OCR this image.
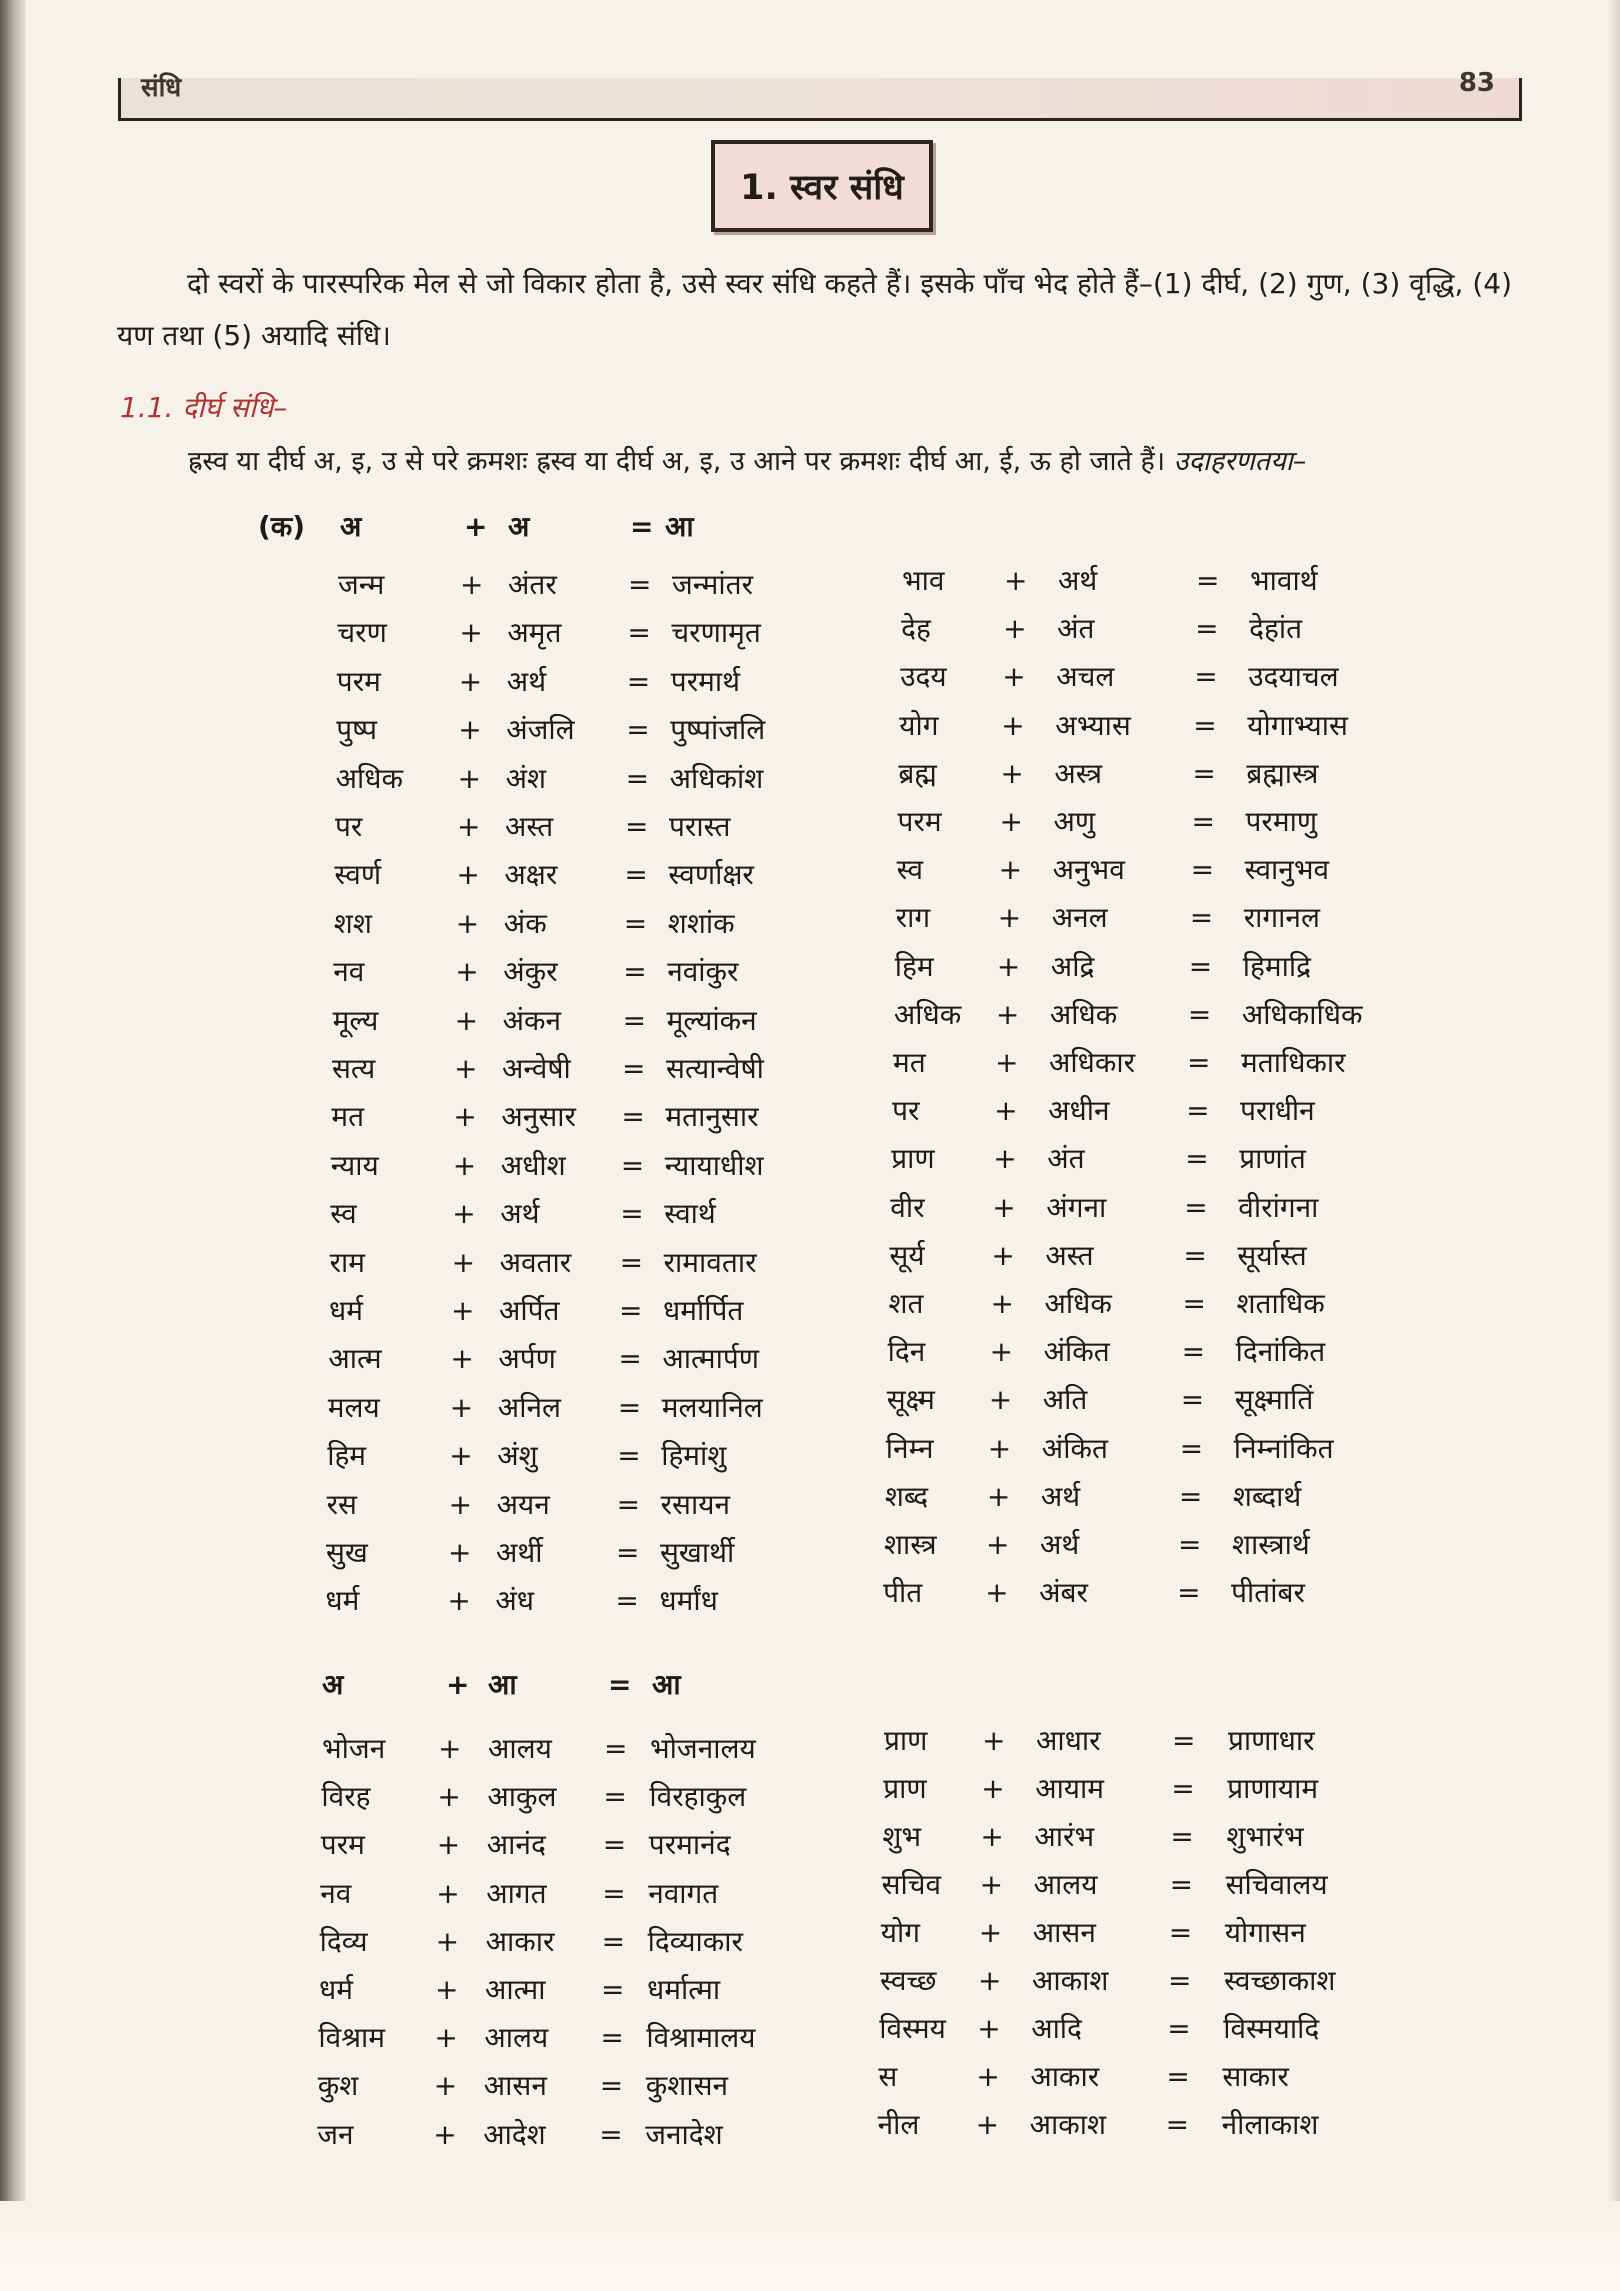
संधि	83
1. स्वर संधि
दो स्वरों के पारस्परिक मेल से जो विकार होता है, उसे स्वर संधि कहते हैं। इसके पाँच भेद होते हैं–(1) दीर्घ, (2) गुण, (3) वृद्धि, (4) यण तथा (5) अयादि संधि।
1.1. दीर्घ संधि–
ह्रस्व या दीर्घ अ, इ, उ से परे क्रमशः ह्रस्व या दीर्घ अ, इ, उ आने पर क्रमशः दीर्घ आ, ई, ऊ हो जाते हैं। उदाहरणतया–
(क) अ	+ अ	= आ
जन्म	+ अंतर	= जन्मांतर
चरण	+ अमृत = चरणामृत
परम	+ अर्थ	= परमार्थ
पुष्प	+ अंजलि = पुष्पांजलि
अधिक + अंश	= अधिकांश
पर	+ अस्त	= परास्त
स्वर्ण	+ अक्षर = स्वर्णाक्षर
शश	+ अंक	= शशांक
नव	+ अंकुर = नवांकुर
मूल्य	+ अंकन = मूल्यांकन
सत्य	+ अन्वेषी = सत्यान्वेषी
मत	+ अनुसार = मतानुसार
न्याय	+ अधीश = न्यायाधीश
स्व	+ अर्थ	= स्वार्थ
राम	+ अवतार = रामावतार
धर्म	+ अर्पित = धर्मार्पित
आत्म + अर्पण = आत्मार्पण
मलय	+ अनिल = मलयानिल
हिम	+ अंशु	= हिमांशु
रस	+ अयन = रसायन
सुख	+ अर्थी	= सुखार्थी
धर्म	+ अंध	= धर्मांध
भाव + अर्थ	= भावार्थ
देह	+ अंत	= देहांत
उदय + अचल	= उदयाचल
योग + अभ्यास = योगाभ्यास
ब्रह्म + अस्त्र	= ब्रह्मास्त्र
परम + अणु	= परमाणु
स्व	+ अनुभव = स्वानुभव
राग + अनल	= रागानल
हिम + अद्रि	= हिमाद्रि
अधिक + अधिक	= अधिकाधिक
मत + अधिकार = मताधिकार
पर	+ अधीन	= पराधीन
प्राण + अंत	= प्राणांत
वीर + अंगना	= वीरांगना
सूर्य + अस्त	= सूर्यास्त
शत + अधिक	= शताधिक
दिन + अंकित	= दिनांकित
सूक्ष्म + अति	= सूक्ष्मातिं
निम्न + अंकित	= निम्नांकित
शब्द + अर्थ	= शब्दार्थ
शास्त्र + अर्थ	= शास्त्रार्थ
पीत + अंबर	= पीतांबर
अ	+ आ	= आ
भोजन + आलय = भोजनालय
विरह + आकुल = विरहाकुल
परम	+ आनंद = परमानंद
नव	+ आगत = नवागत
दिव्य + आकार = दिव्याकार
धर्म	+ आत्मा = धर्मात्मा
विश्राम + आलय = विश्रामालय
कुश	+ आसन = कुशासन
जन	+ आदेश = जनादेश
प्राण + आधार	= प्राणाधार
प्राण + आयाम = प्राणायाम
शुभ + आरंभ	= शुभारंभ
सचिव + आलय	= सचिवालय
योग + आसन	= योगासन
स्वच्छ + आकाश = स्वच्छाकाश
विस्मय + आदि	= विस्मयादि
स	+ आकार = साकार
नील + आकाश = नीलाकाश
